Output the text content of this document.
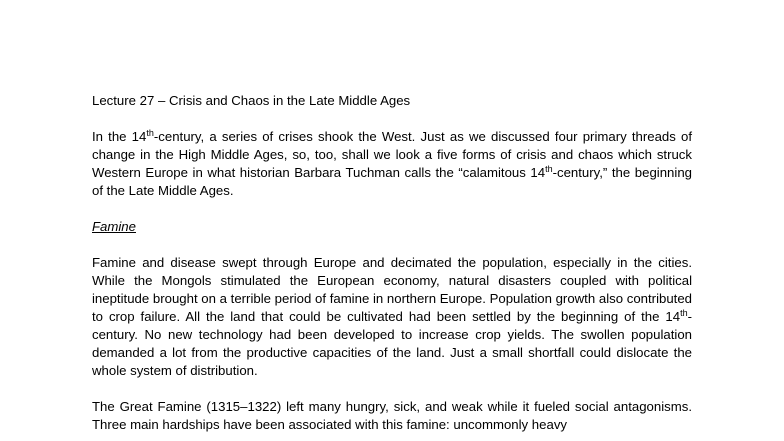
Lecture 27 – Crisis and Chaos in the Late Middle Ages

In the 14th-century, a series of crises shook the West. Just as we discussed four primary threads of change in the High Middle Ages, so, too, shall we look a five forms of crisis and chaos which struck Western Europe in what historian Barbara Tuchman calls the “calamitous 14th-century,” the beginning of the Late Middle Ages.

Famine

Famine and disease swept through Europe and decimated the population, especially in the cities. While the Mongols stimulated the European economy, natural disasters coupled with political ineptitude brought on a terrible period of famine in northern Europe. Population growth also contributed to crop failure. All the land that could be cultivated had been settled by the beginning of the 14th-century. No new technology had been developed to increase crop yields. The swollen population demanded a lot from the productive capacities of the land. Just a small shortfall could dislocate the whole system of distribution.

The Great Famine (1315–1322) left many hungry, sick, and weak while it fueled social antagonisms. Three main hardships have been associated with this famine: uncommonly heavy
